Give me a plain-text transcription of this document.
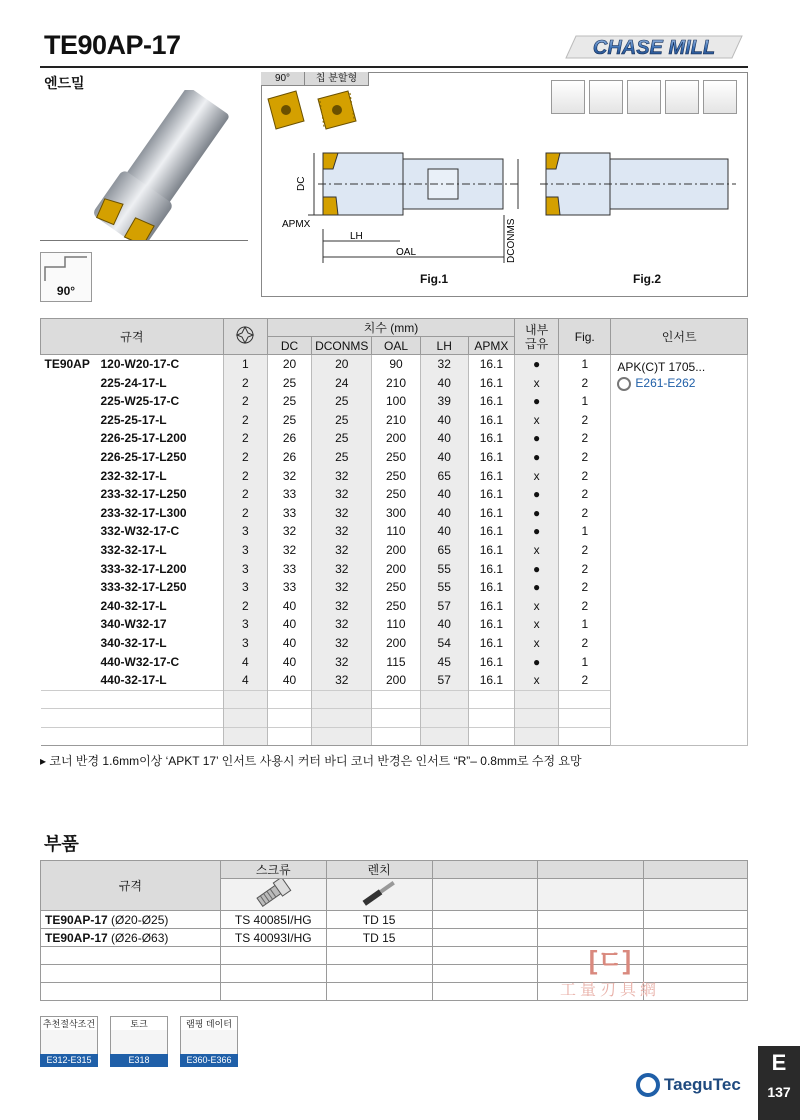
TE90AP-17	CHASE MILL
엔드밀
90°
90°	칩 분할형
DC
APMX
LH
OAL	DCONMS
Fig.1	Fig.2
규격		치수 (mm)					내부
급유	Fig.	인서트
		DC	DCONMS	OAL	LH	APMX			
TE90AP 120-W20-17-C	1	20	20	90	32	16.1	●	1	APK(C)T 1705...
E261-E262

225-24-17-L	2	25	24	210	40	16.1	x	2	
225-W25-17-C	2	25	25	100	39	16.1	●	1	
225-25-17-L	2	25	25	210	40	16.1	x	2	
226-25-17-L200	2	26	25	200	40	16.1	●	2	
226-25-17-L250	2	26	25	250	40	16.1	●	2	
232-32-17-L	2	32	32	250	65	16.1	x	2	
233-32-17-L250	2	33	32	250	40	16.1	●	2	
233-32-17-L300	2	33	32	300	40	16.1	●	2	
332-W32-17-C	3	32	32	110	40	16.1	●	1	
332-32-17-L	3	32	32	200	65	16.1	x	2	
333-32-17-L200	3	33	32	200	55	16.1	●	2	
333-32-17-L250	3	33	32	250	55	16.1	●	2	
240-32-17-L	2	40	32	250	57	16.1	x	2	
340-W32-17	3	40	32	110	40	16.1	x	1	
340-32-17-L	3	40	32	200	54	16.1	x	2	
440-W32-17-C	4	40	32	115	45	16.1	●	1	
440-32-17-L	4	40	32	200	57	16.1	x	2	

▸ 코너 반경 1.6mm이상 ‘APKT 17’ 인서트 사용시 커터 바디 코너 반경은 인서트 “R”– 0.8mm로 수정 요망
부품
규격	스크류	렌치			

TE90AP-17 (Ø20-Ø25)	TS 40085I/HG	TD 15			
TE90AP-17 (Ø26-Ø63)	TS 40093I/HG	TD 15			

[ㄷ]
工量刃具網
추천절삭조건
E312-E315
토크
E318
램핑 데이터
E360-E366
TaeguTec
E
137
